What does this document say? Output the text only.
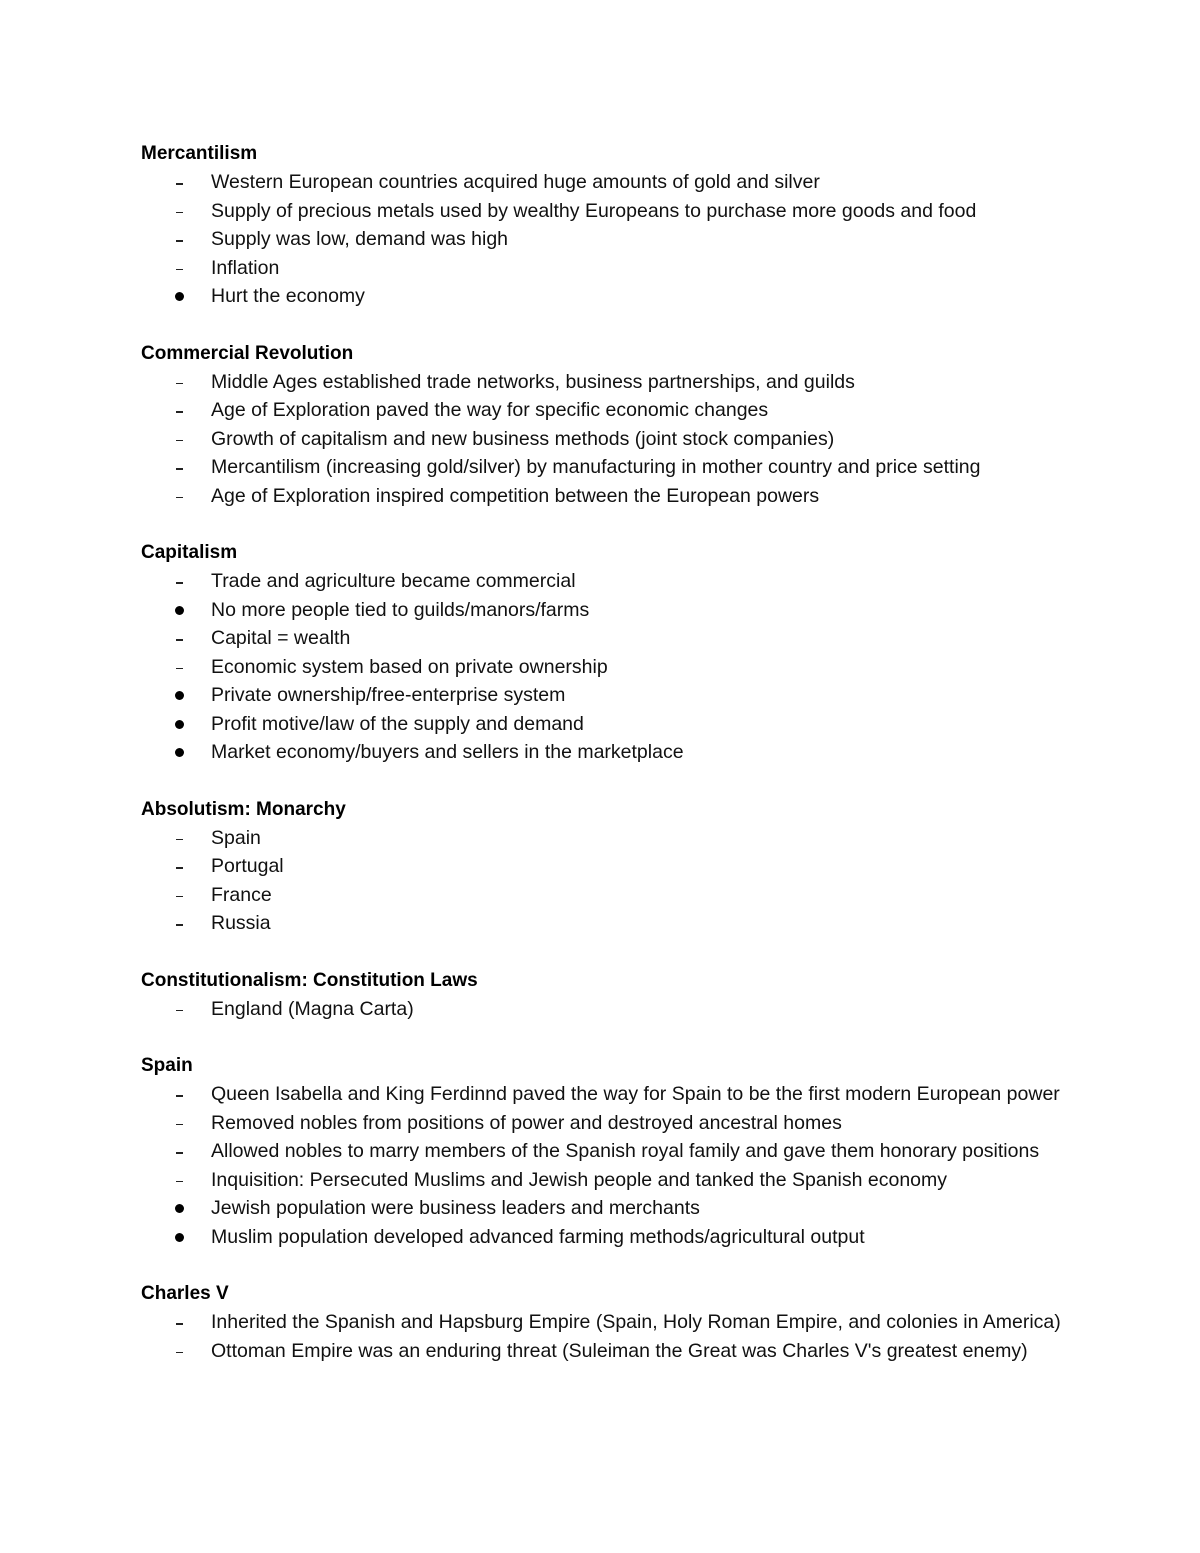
Mercantilism
Western European countries acquired huge amounts of gold and silver
Supply of precious metals used by wealthy Europeans to purchase more goods and food
Supply was low, demand was high
Inflation
Hurt the economy
Commercial Revolution
Middle Ages established trade networks, business partnerships, and guilds
Age of Exploration paved the way for specific economic changes
Growth of capitalism and new business methods (joint stock companies)
Mercantilism (increasing gold/silver) by manufacturing in mother country and price setting
Age of Exploration inspired competition between the European powers
Capitalism
Trade and agriculture became commercial
No more people tied to guilds/manors/farms
Capital = wealth
Economic system based on private ownership
Private ownership/free-enterprise system
Profit motive/law of the supply and demand
Market economy/buyers and sellers in the marketplace
Absolutism: Monarchy
Spain
Portugal
France
Russia
Constitutionalism: Constitution Laws
England (Magna Carta)
Spain
Queen Isabella and King Ferdinnd paved the way for Spain to be the first modern European power
Removed nobles from positions of power and destroyed ancestral homes
Allowed nobles to marry members of the Spanish royal family and gave them honorary positions
Inquisition: Persecuted Muslims and Jewish people and tanked the Spanish economy
Jewish population were business leaders and merchants
Muslim population developed advanced farming methods/agricultural output
Charles V
Inherited the Spanish and Hapsburg Empire (Spain, Holy Roman Empire, and colonies in America)
Ottoman Empire was an enduring threat (Suleiman the Great was Charles V's greatest enemy)
